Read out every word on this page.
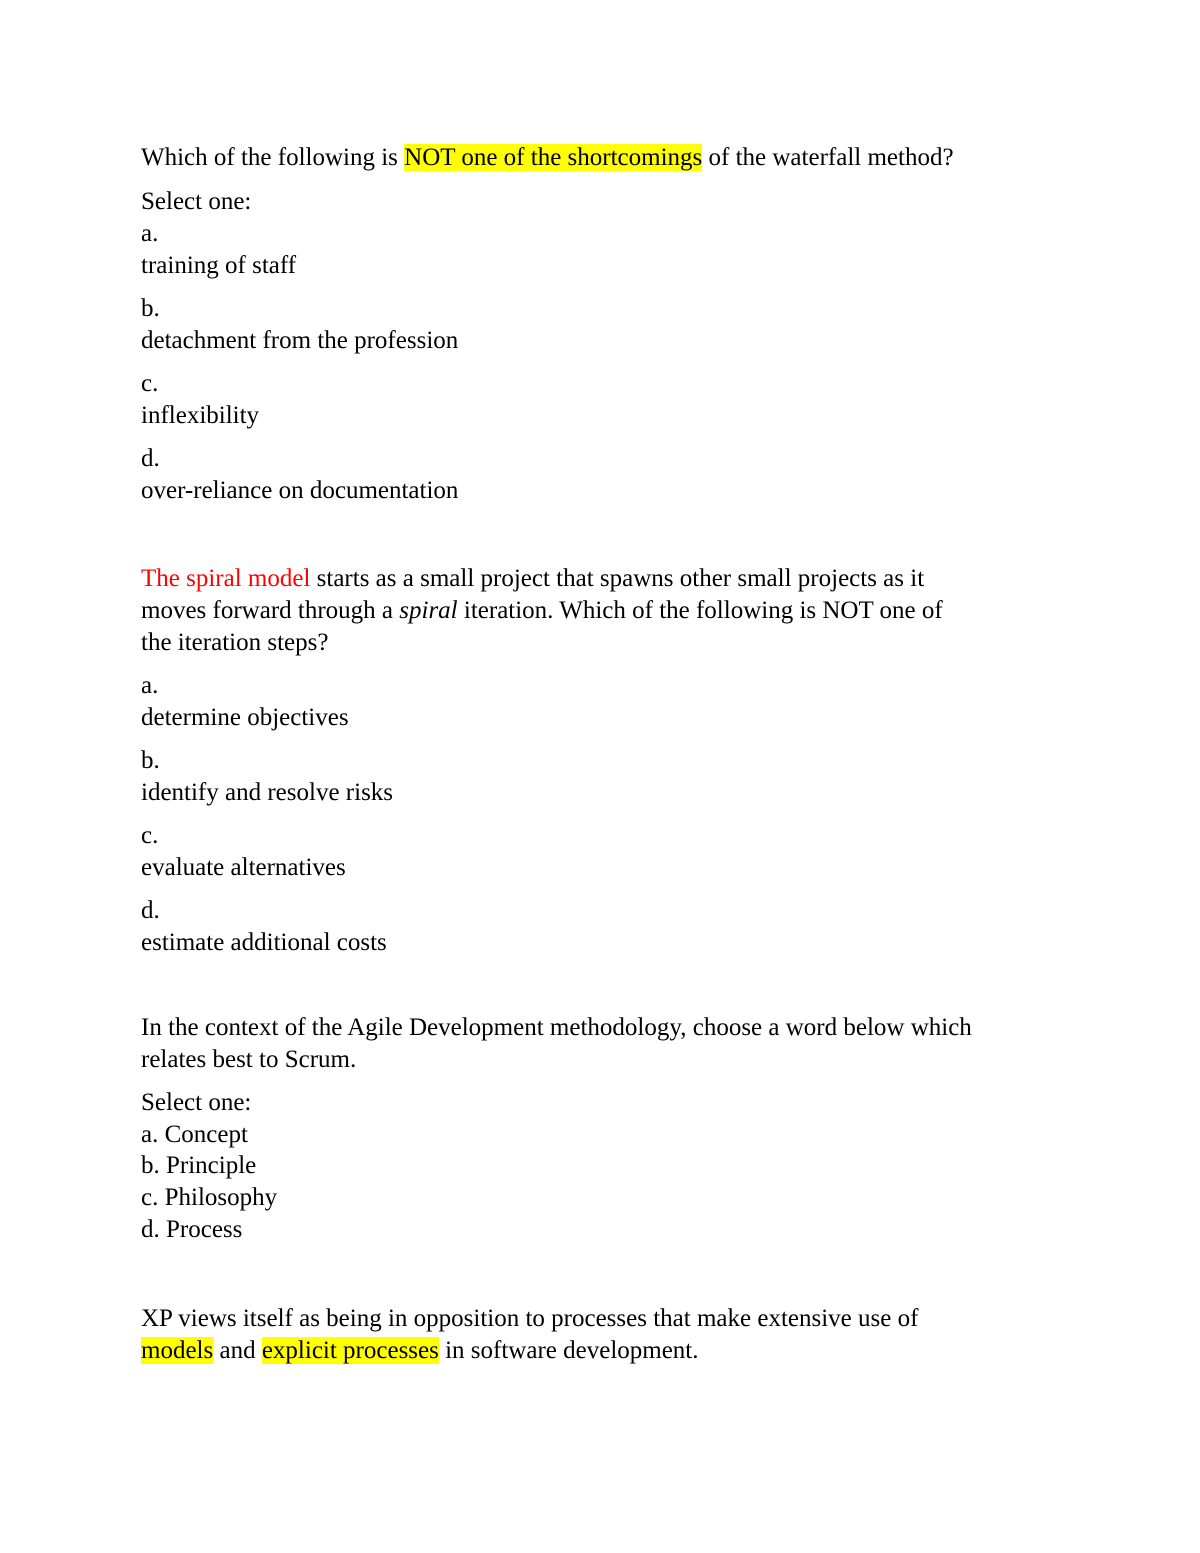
Which of the following is NOT one of the shortcomings of the waterfall method?
Select one:
a.
training of staff
b.
detachment from the profession
c.
inflexibility
d.
over-reliance on documentation
The spiral model starts as a small project that spawns other small projects as it
moves forward through a spiral iteration. Which of the following is NOT one of
the iteration steps?
a.
determine objectives
b.
identify and resolve risks
c.
evaluate alternatives
d.
estimate additional costs
In the context of the Agile Development methodology, choose a word below which
relates best to Scrum.
Select one:
a. Concept
b. Principle
c. Philosophy
d. Process
XP views itself as being in opposition to processes that make extensive use of
models and explicit processes in software development.
